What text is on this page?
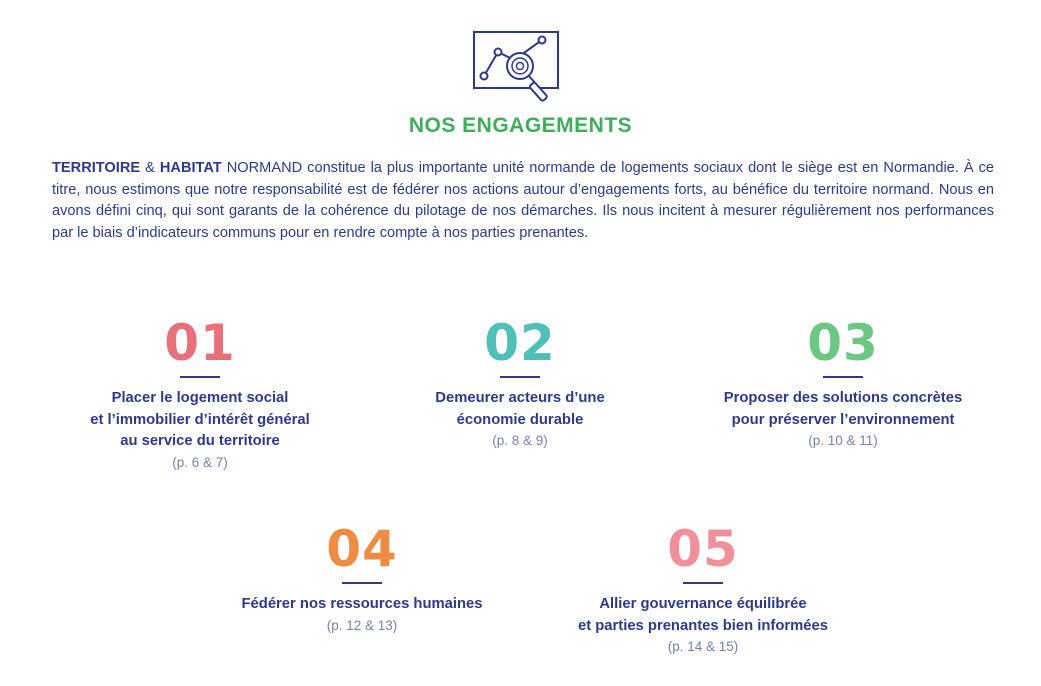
NOS ENGAGEMENTS
TERRITOIRE & HABITAT NORMAND constitue la plus importante unité normande de logements sociaux dont le siège est en Normandie. À ce titre, nous estimons que notre responsabilité est de fédérer nos actions autour d’engagements forts, au bénéfice du territoire normand. Nous en avons défini cinq, qui sont garants de la cohérence du pilotage de nos démarches. Ils nous incitent à mesurer régulièrement nos performances par le biais d’indicateurs communs pour en rendre compte à nos parties prenantes.
01
Placer le logement social
et l’immobilier d’intérêt général
au service du territoire
(p. 6 & 7)
02
Demeurer acteurs d’une
économie durable
(p. 8 & 9)
03
Proposer des solutions concrètes
pour préserver l’environnement
(p. 10 & 11)
04
Fédérer nos ressources humaines
(p. 12 & 13)
05
Allier gouvernance équilibrée
et parties prenantes bien informées
(p. 14 & 15)
